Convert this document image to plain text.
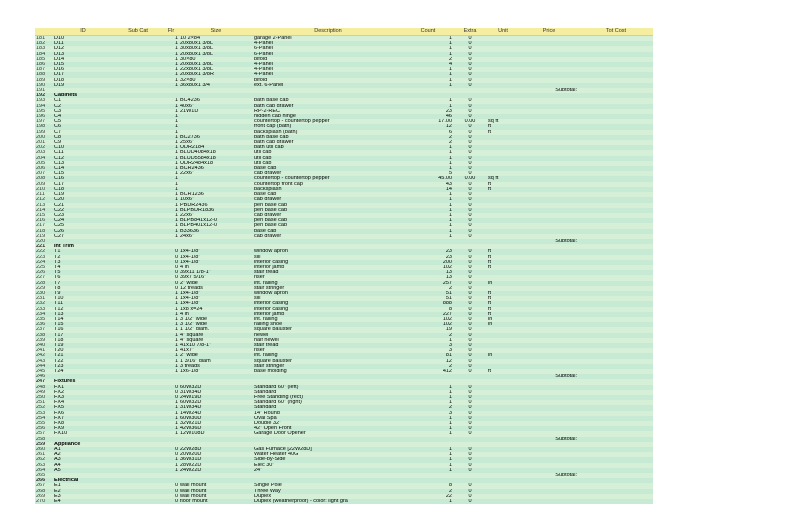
	ID	Sub Cat	Flr	Size	Description	Count	Extra	Unit	Price	Tot Cost
181	D10		1	10 2×84	garage 2-Panel	1	0			
182	D11		1	20x80x1 3/8L	4-Panel	1	0			
183	D12		1	30x80x1 3/8L	6-Panel	1	0			
184	D13		1	20x80x1 3/8L	6-Panel	1	0			
185	D14		1	30×80	bifold	2	0			
186	D15		1	20x80x1 3/8L	4-Panel	4	0			
187	D16		1	22x80x1 3/8L	4-Panel	1	0			
188	D17		1	20x80x1 3/8R	4-Panel	1	0			
189	D18		1	32×80	bifold	1	0			
190	D19		1	36x80x1 3/4	ext. 6-Panel	1	0			
191									Subtotal:	
192	Cabinets									
193	C1		1	BC4236	bath base cab	1	0			
194	C2		1	40x6"	bath cab drawer	1	0			
195	C3		1	21W1D	RP-2-REC	23	0			
196	C4		1		hidden cab hinge	46	0			
197	C5		1		countertop - countertop pepper	17.00	0.00	sq ft		
198	C6		1		front cap (bath)	12	0	ft		
199	C7		1		backsplash (bath)	6	0	ft		
200	C8		1	BC2736	bath base cab	2	0			
201	C9		1	25x6"	bath cab drawer	2	0			
202	C10		1	UDR2184	bath util cab	1	0			
203	C11		1	BLUD4084x18	util cab	1	0			
204	C12		1	BLUD5584x18	util cab	1	0			
205	C13		1	UDR2484x18	util cab	1	0			
206	C14		1	BCR2436	base cab	1	0			
207	C15		1	22x6"	cab drawer	5	0			
208	C16		1		countertop - countertop pepper	45.00	0.00	sq ft		
209	C17		1		countertop front cap	43	0	ft		
210	C18		1		backsplash	14	0	ft		
211	C19		1	BCR1236	base cab	1	0			
212	C20		1	10x6"	cab drawer	1	0			
213	C21		1	PBDR2436	pen base cab	1	0			
214	C22		1	BLPBDR1836	pen base cab	1	0			
215	C23		1	22x6"	cab drawer	1	0			
216	C24		1	BLPB841x12-0	pen base cab	1	0			
217	C25		1	BLPB401x12-0	pen base cab	1	0			
218	C26		1	B33636	base cab	1	0			
219	C27		1	24x6"	cab drawer	1	0			
220									Subtotal:	
221	Int Trim									
222	T1		0	1x4-1/8"	window apron	23	0	ft		
223	T2		0	1x4-1/8"	sill	23	0	ft		
224	T3		0	1x4-1/8"	interior casing	200	0	ft		
225	T4		0	4 in	interior jamb	102	0	ft		
226	T5		0	39x11 1/8-1"	stair tread	13	0			
227	T6		0	39x7 5/16"	riser	13	0			
228	T7		0	2" wide	int. railing	257	0	in		
229	T8		0	12 treads	stair stringer	2	0			
230	T9		1	1x4-1/8"	window apron	51	0	ft		
231	T10		1	1x4-1/8"	sill	51	0	ft		
232	T11		1	1x4-1/8"	interior casing	888	0	ft		
233	T12		1	1x8 x=24	interior casing	8	0	ft		
234	T13		1	4 in	interior jamb	227	0	ft		
235	T14		1	3 1/2" wide	int. railing	102	0	in		
236	T15		1	3 1/2" wide	railing shoe	102	0	in		
237	T16		1	1 1/2" diam.	square baluster	19	0			
238	T17		1	4" square	newel	2	0			
239	T18		1	4" square	half newel	1	0			
240	T19		1	41x10 7/8-1"	stair tread	3	0			
241	T20		1	41x7"	riser	3	0			
242	T21		1	2" wide	int. railing	81	0	in		
243	T22		1	1 3/16" diam	square baluster	12	0			
244	T23		1	3 treads	stair stringer	2	0			
245	T24		1	1x6-1/8"	base molding	412	0	ft		
246									Subtotal:	
247	Fixtures									
248	FX1		0	60W32D	Standard 60" (left)	1	0			
249	FX2		0	31W34D	Standard	1	0			
250	FX3		0	24W19D	Free Standing (rect)	1	0			
251	FX4		1	60W32D	Standard 60" (right)	1	0			
252	FX5		1	31W34D	Standard	2	0			
253	FX6		1	14W24D	14" Round	3	0			
254	FX7		1	60W30D	Oval Spa	1	0			
255	FX8		1	32W21D	Double 32"	1	0			
256	FX9		1	42W36D	42" Open Front	1	0			
257	FX10		1	12W108D	Garage Door Opener	1	0			
258									Subtotal:	
259	Appliance									
260	A1		0	22W28D	Gas Furnace [22W28D]	1	0			
261	A2		0	20W20D	Water Heater 40G	1	0			
262	A3		1	36W31D	Side-by-Side	1	0			
263	A4		1	28W22D	Elec 30"	1	0			
264	A5		1	24W22D	24"	1	0			
265									Subtotal:	
266	Electrical									
267	E1		0	wall mount	Single Pole	8	0			
268	E2		0	wall mount	Three Way	2	0			
269	E3		0	wall mount	Duplex	22	0			
270	E4		0	floor mount	Duplex (weatherproof) - color: light gra	1	0			
